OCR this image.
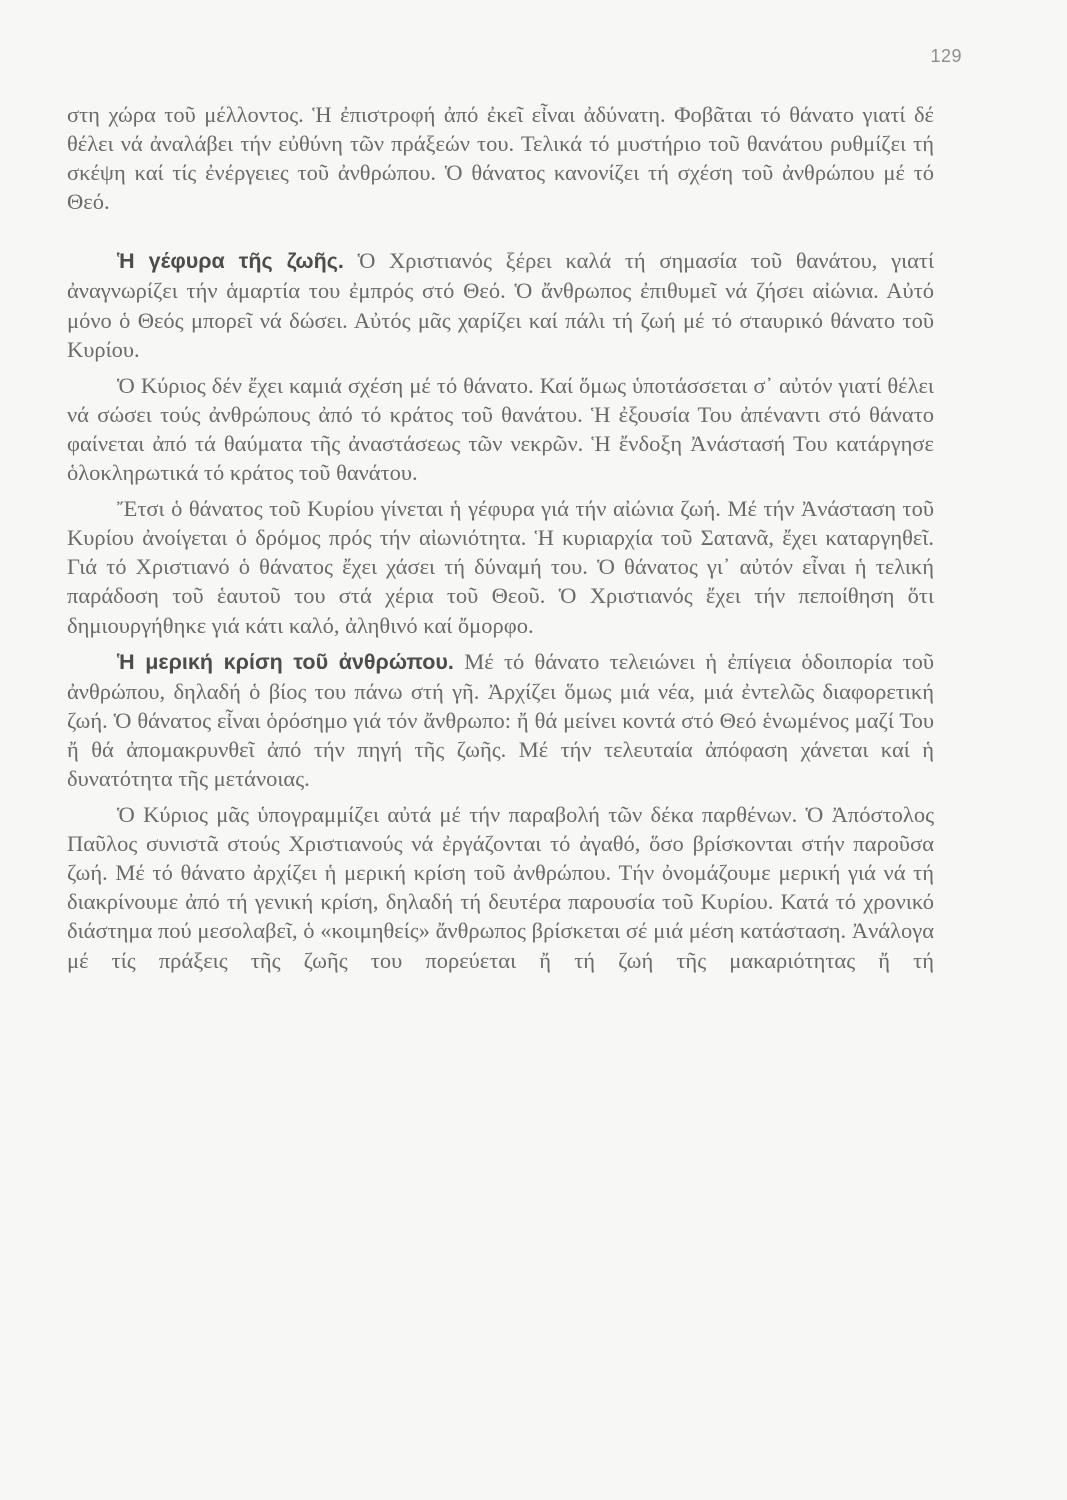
129

στη χώρα τοῦ μέλλοντος. Ἡ ἐπιστροφή ἀπό ἐκεῖ εἶναι ἀδύνατη. Φοβᾶται τό θάνατο γιατί δέ θέλει νά ἀναλάβει τήν εὐθύνη τῶν πράξεών του. Τελικά τό μυστήριο τοῦ θανάτου ρυθμίζει τή σκέψη καί τίς ἐνέργειες τοῦ ἀνθρώπου. Ὁ θάνατος κανονίζει τή σχέση τοῦ ἀνθρώπου μέ τό Θεό.

Ἡ γέφυρα τῆς ζωῆς. Ὁ Χριστιανός ξέρει καλά τή σημασία τοῦ θανάτου, γιατί ἀναγνωρίζει τήν ἁμαρτία του ἐμπρός στό Θεό. Ὁ ἄνθρωπος ἐπιθυμεῖ νά ζήσει αἰώνια. Αὐτό μόνο ὁ Θεός μπορεῖ νά δώσει. Αὐτός μᾶς χαρίζει καί πάλι τή ζωή μέ τό σταυρικό θάνατο τοῦ Κυρίου.

Ὁ Κύριος δέν ἔχει καμιά σχέση μέ τό θάνατο. Καί ὅμως ὑποτάσσεται σ᾽ αὐτόν γιατί θέλει νά σώσει τούς ἀνθρώπους ἀπό τό κράτος τοῦ θανάτου. Ἡ ἐξουσία Του ἀπέναντι στό θάνατο φαίνεται ἀπό τά θαύματα τῆς ἀναστάσεως τῶν νεκρῶν. Ἡ ἔνδοξη Ἀνάστασή Του κατάργησε ὁλοκληρωτικά τό κράτος τοῦ θανάτου.

Ἔτσι ὁ θάνατος τοῦ Κυρίου γίνεται ἡ γέφυρα γιά τήν αἰώνια ζωή. Μέ τήν Ἀνάσταση τοῦ Κυρίου ἀνοίγεται ὁ δρόμος πρός τήν αἰωνιότητα. Ἡ κυριαρχία τοῦ Σατανᾶ, ἔχει καταργηθεῖ. Γιά τό Χριστιανό ὁ θάνατος ἔχει χάσει τή δύναμή του. Ὁ θάνατος γι᾽ αὐτόν εἶναι ἡ τελική παράδοση τοῦ ἑαυτοῦ του στά χέρια τοῦ Θεοῦ. Ὁ Χριστιανός ἔχει τήν πεποίθηση ὅτι δημιουργήθηκε γιά κάτι καλό, ἀληθινό καί ὄμορφο.

Ἡ μερική κρίση τοῦ ἀνθρώπου. Μέ τό θάνατο τελειώνει ἡ ἐπίγεια ὁδοιπορία τοῦ ἀνθρώπου, δηλαδή ὁ βίος του πάνω στή γῆ. Ἀρχίζει ὅμως μιά νέα, μιά ἐντελῶς διαφορετική ζωή. Ὁ θάνατος εἶναι ὁρόσημο γιά τόν ἄνθρωπο: ἤ θά μείνει κοντά στό Θεό ἑνωμένος μαζί Του ἤ θά ἀπομακρυνθεῖ ἀπό τήν πηγή τῆς ζωῆς. Μέ τήν τελευταία ἀπόφαση χάνεται καί ἡ δυνατότητα τῆς μετάνοιας.

Ὁ Κύριος μᾶς ὑπογραμμίζει αὐτά μέ τήν παραβολή τῶν δέκα παρθένων. Ὁ Ἀπόστολος Παῦλος συνιστᾶ στούς Χριστιανούς νά ἐργάζονται τό ἀγαθό, ὅσο βρίσκονται στήν παροῦσα ζωή. Μέ τό θάνατο ἀρχίζει ἡ μερική κρίση τοῦ ἀνθρώπου. Τήν ὀνομάζουμε μερική γιά νά τή διακρίνουμε ἀπό τή γενική κρίση, δηλαδή τή δευτέρα παρουσία τοῦ Κυρίου. Κατά τό χρονικό διάστημα πού μεσολαβεῖ, ὁ «κοιμηθείς» ἄνθρωπος βρίσκεται σέ μιά μέση κατάσταση. Ἀνάλογα μέ τίς πράξεις τῆς ζωῆς του πορεύεται ἤ τή ζωή τῆς μακαριότητας ἤ τή
